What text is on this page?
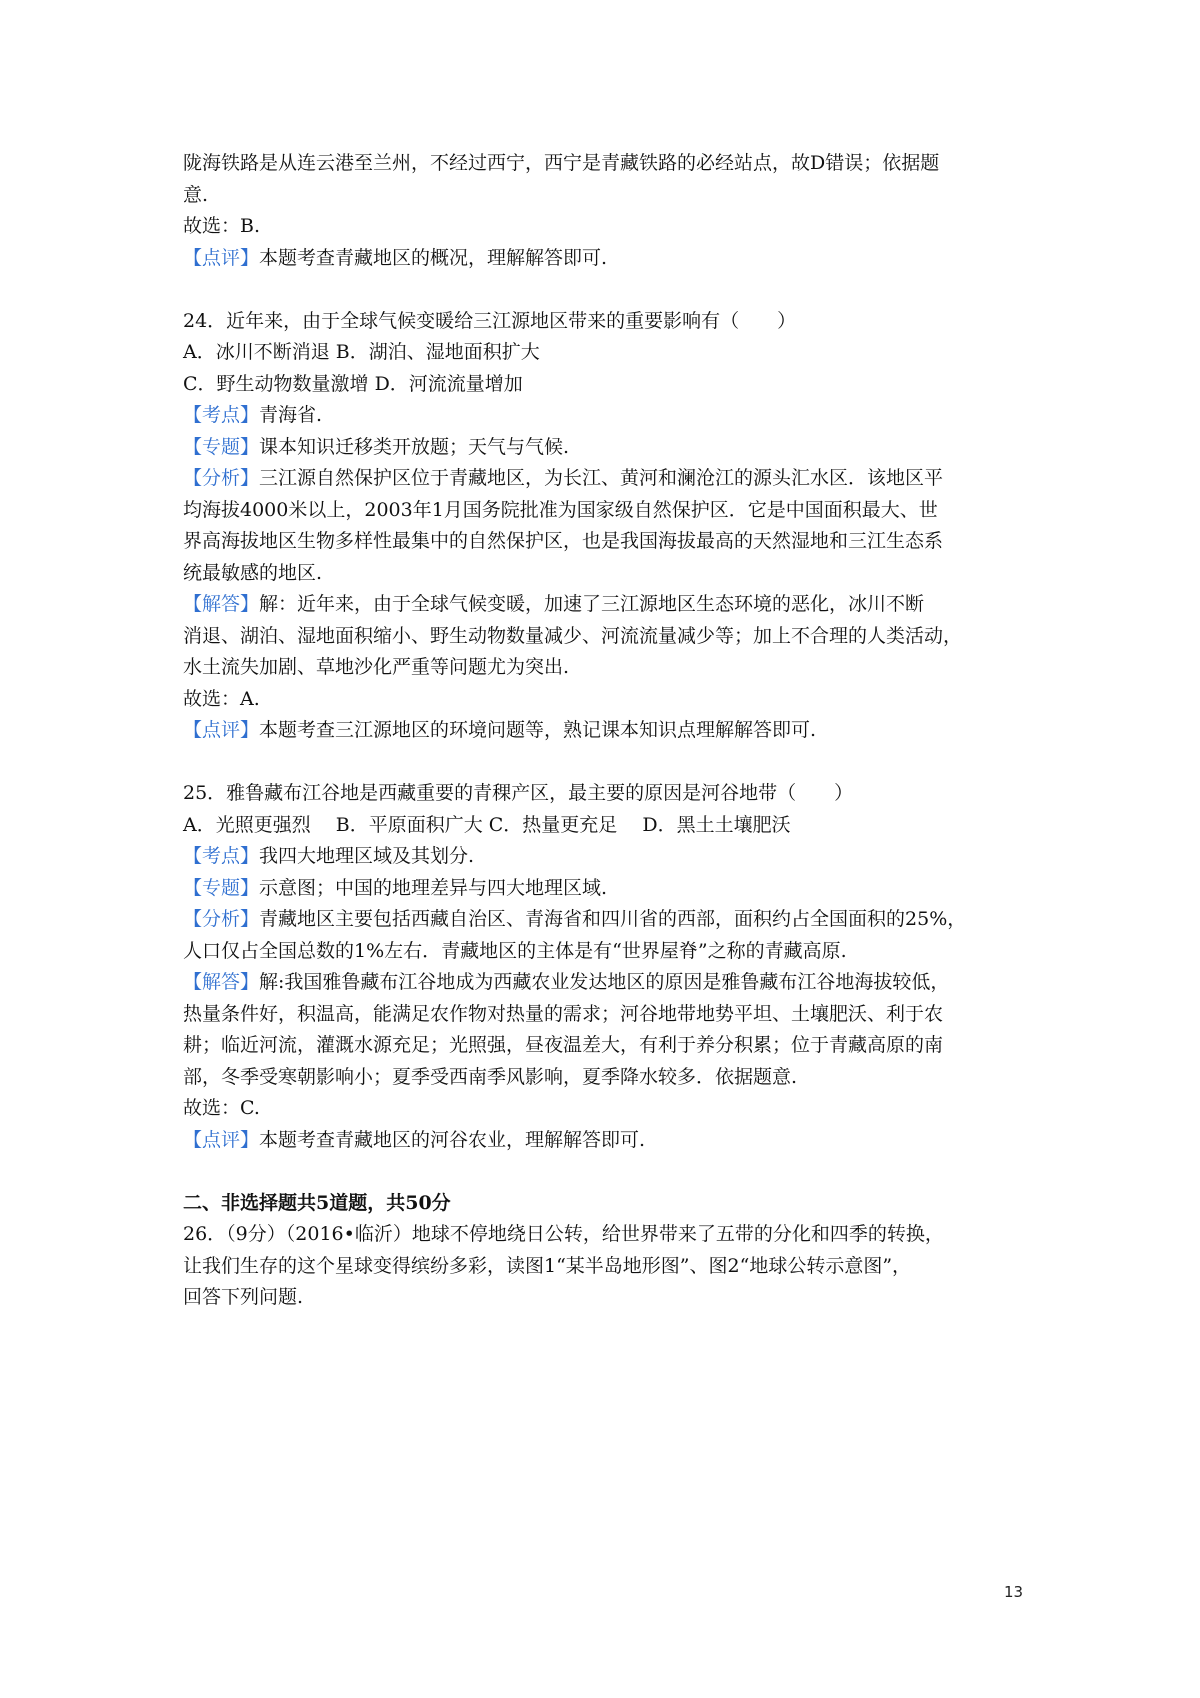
陇海铁路是从连云港至兰州，不经过西宁，西宁是青藏铁路的必经站点，故D错误；依据题
意.
故选：B.
【点评】本题考查青藏地区的概况，理解解答即可.
24．近年来，由于全球气候变暖给三江源地区带来的重要影响有（　　）
A．冰川不断消退 B．湖泊、湿地面积扩大
C．野生动物数量激增 D．河流流量增加
【考点】青海省.
【专题】课本知识迁移类开放题；天气与气候.
【分析】三江源自然保护区位于青藏地区，为长江、黄河和澜沧江的源头汇水区．该地区平
均海拔4000米以上，2003年1月国务院批准为国家级自然保护区．它是中国面积最大、世
界高海拔地区生物多样性最集中的自然保护区，也是我国海拔最高的天然湿地和三江生态系
统最敏感的地区.
【解答】解：近年来，由于全球气候变暖，加速了三江源地区生态环境的恶化，冰川不断
消退、湖泊、湿地面积缩小、野生动物数量减少、河流流量减少等；加上不合理的人类活动，
水土流失加剧、草地沙化严重等问题尤为突出.
故选：A.
【点评】本题考查三江源地区的环境问题等，熟记课本知识点理解解答即可.
25．雅鲁藏布江谷地是西藏重要的青稞产区，最主要的原因是河谷地带（　　）
A．光照更强烈　 B．平原面积广大 C．热量更充足　 D．黑土土壤肥沃
【考点】我四大地理区域及其划分.
【专题】示意图；中国的地理差异与四大地理区域.
【分析】青藏地区主要包括西藏自治区、青海省和四川省的西部，面积约占全国面积的25%，
人口仅占全国总数的1%左右．青藏地区的主体是有“世界屋脊”之称的青藏高原.
【解答】解:我国雅鲁藏布江谷地成为西藏农业发达地区的原因是雅鲁藏布江谷地海拔较低，
热量条件好，积温高，能满足农作物对热量的需求；河谷地带地势平坦、土壤肥沃、利于农
耕；临近河流，灌溉水源充足；光照强，昼夜温差大，有利于养分积累；位于青藏高原的南
部，冬季受寒朝影响小；夏季受西南季风影响，夏季降水较多．依据题意.
故选：C.
【点评】本题考查青藏地区的河谷农业，理解解答即可.
二、非选择题共5道题，共50分
26．（9分）（2016•临沂）地球不停地绕日公转，给世界带来了五带的分化和四季的转换，
让我们生存的这个星球变得缤纷多彩，读图1“某半岛地形图”、图2“地球公转示意图”，
回答下列问题.
13
